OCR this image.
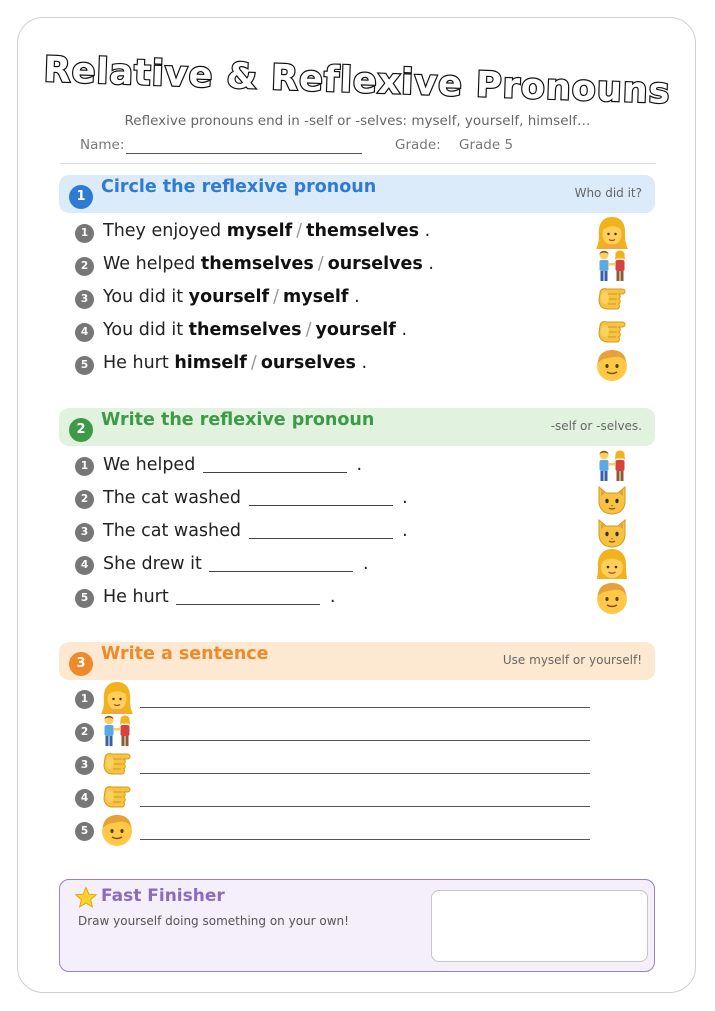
Relative & Reflexive Pronouns
Reflexive pronouns end in -self or -selves: myself, yourself, himself…
Name:	Grade: Grade 5
1 Circle the reflexive pronoun	Who did it?
1 They enjoyed myself / themselves .
2 We helped themselves / ourselves .
3 You did it yourself / myself .
4 You did it themselves / yourself .
5 He hurt himself / ourselves .
2 Write the reflexive pronoun	-self or -selves.
1 We helped	.
2 The cat washed	.
3 The cat washed	.
4 She drew it	.
5 He hurt	.
3 Write a sentence	Use myself or yourself!
1
2
3
4
5
Fast Finisher
Draw yourself doing something on your own!
